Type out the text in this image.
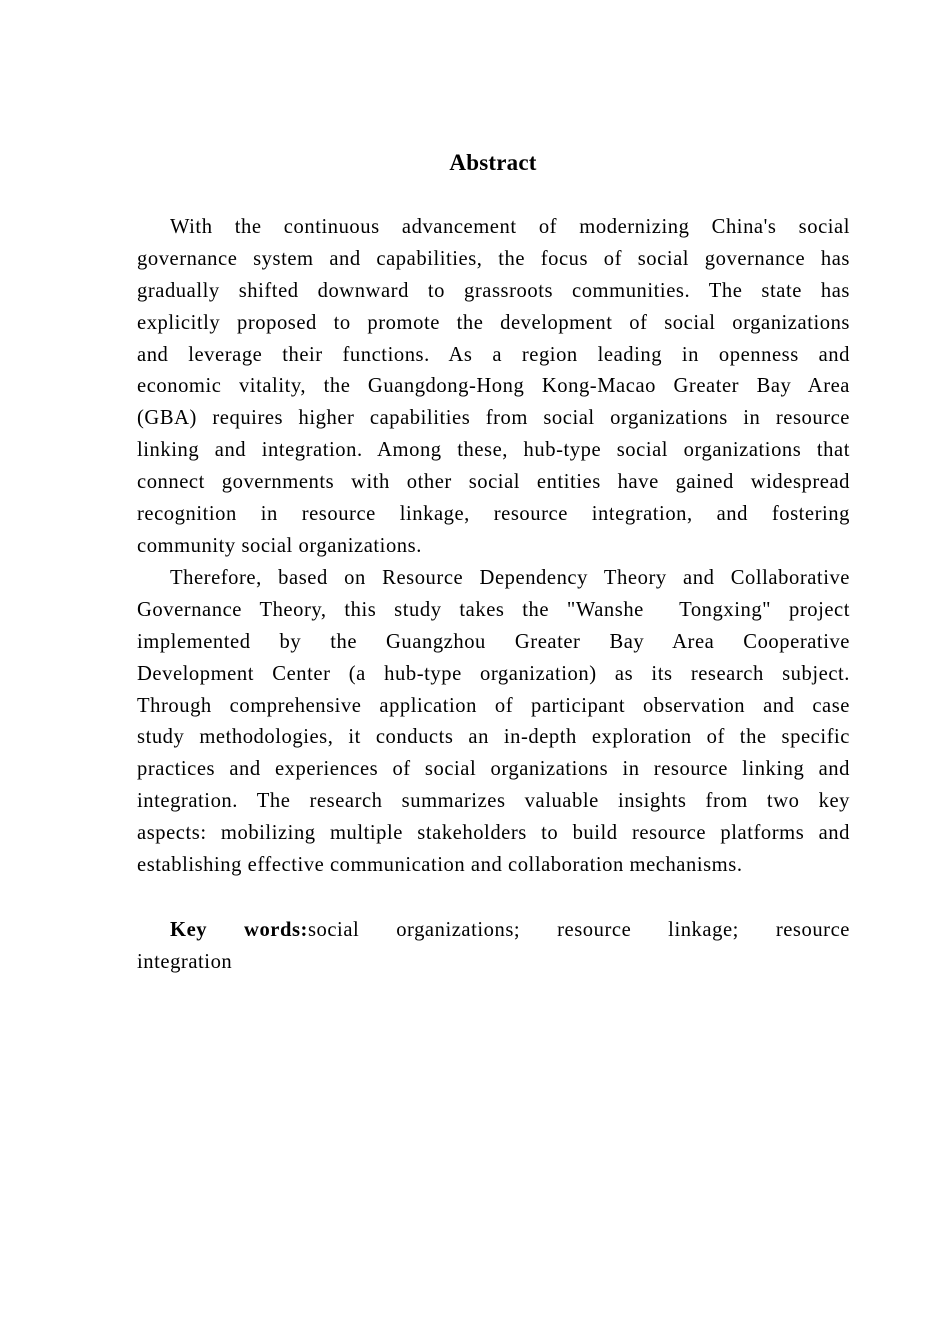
Abstract
With the continuous advancement of modernizing China's social
governance system and capabilities, the focus of social governance has
gradually shifted downward to grassroots communities. The state has
explicitly proposed to promote the development of social organizations
and leverage their functions. As a region leading in openness and
economic vitality, the Guangdong-Hong Kong-Macao Greater Bay Area
(GBA) requires higher capabilities from social organizations in resource
linking and integration. Among these, hub-type social organizations that
connect governments with other social entities have gained widespread
recognition in resource linkage, resource integration, and fostering
community social organizations.
Therefore, based on Resource Dependency Theory and Collaborative
Governance Theory, this study takes the "Wanshe  Tongxing" project
implemented by the Guangzhou Greater Bay Area Cooperative
Development Center (a hub-type organization) as its research subject.
Through comprehensive application of participant observation and case
study methodologies, it conducts an in-depth exploration of the specific
practices and experiences of social organizations in resource linking and
integration. The research summarizes valuable insights from two key
aspects: mobilizing multiple stakeholders to build resource platforms and
establishing effective communication and collaboration mechanisms.
Key words:social organizations; resource linkage; resource
integration
